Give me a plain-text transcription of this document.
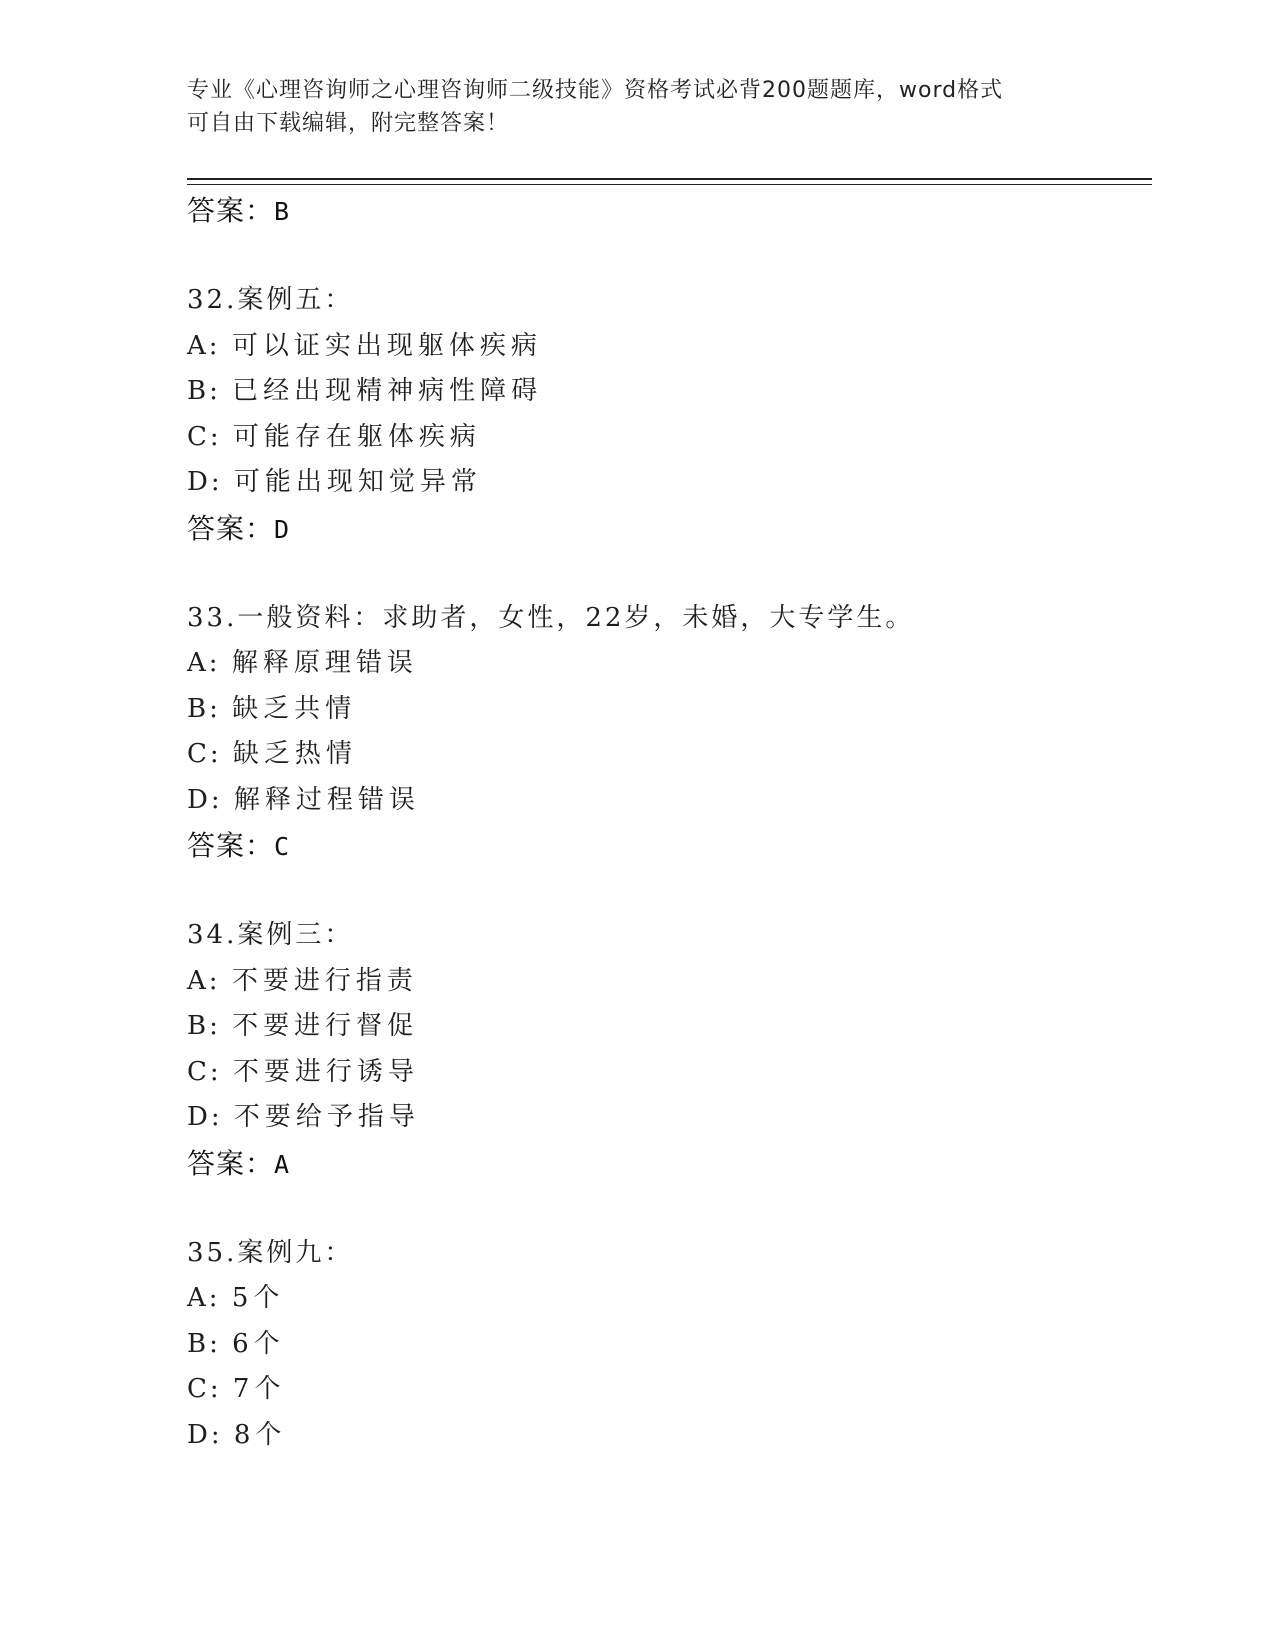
专业《心理咨询师之心理咨询师二级技能》资格考试必背200题题库，word格式
可自由下载编辑，附完整答案！
答案：B
32.案例五：
A: 可以证实出现躯体疾病
B: 已经出现精神病性障碍
C: 可能存在躯体疾病
D: 可能出现知觉异常
答案：D
33.一般资料：求助者，女性，22岁，未婚，大专学生。
A: 解释原理错误
B: 缺乏共情
C: 缺乏热情
D: 解释过程错误
答案：C
34.案例三：
A: 不要进行指责
B: 不要进行督促
C: 不要进行诱导
D: 不要给予指导
答案：A
35.案例九：
A: 5个
B: 6个
C: 7个
D: 8个
